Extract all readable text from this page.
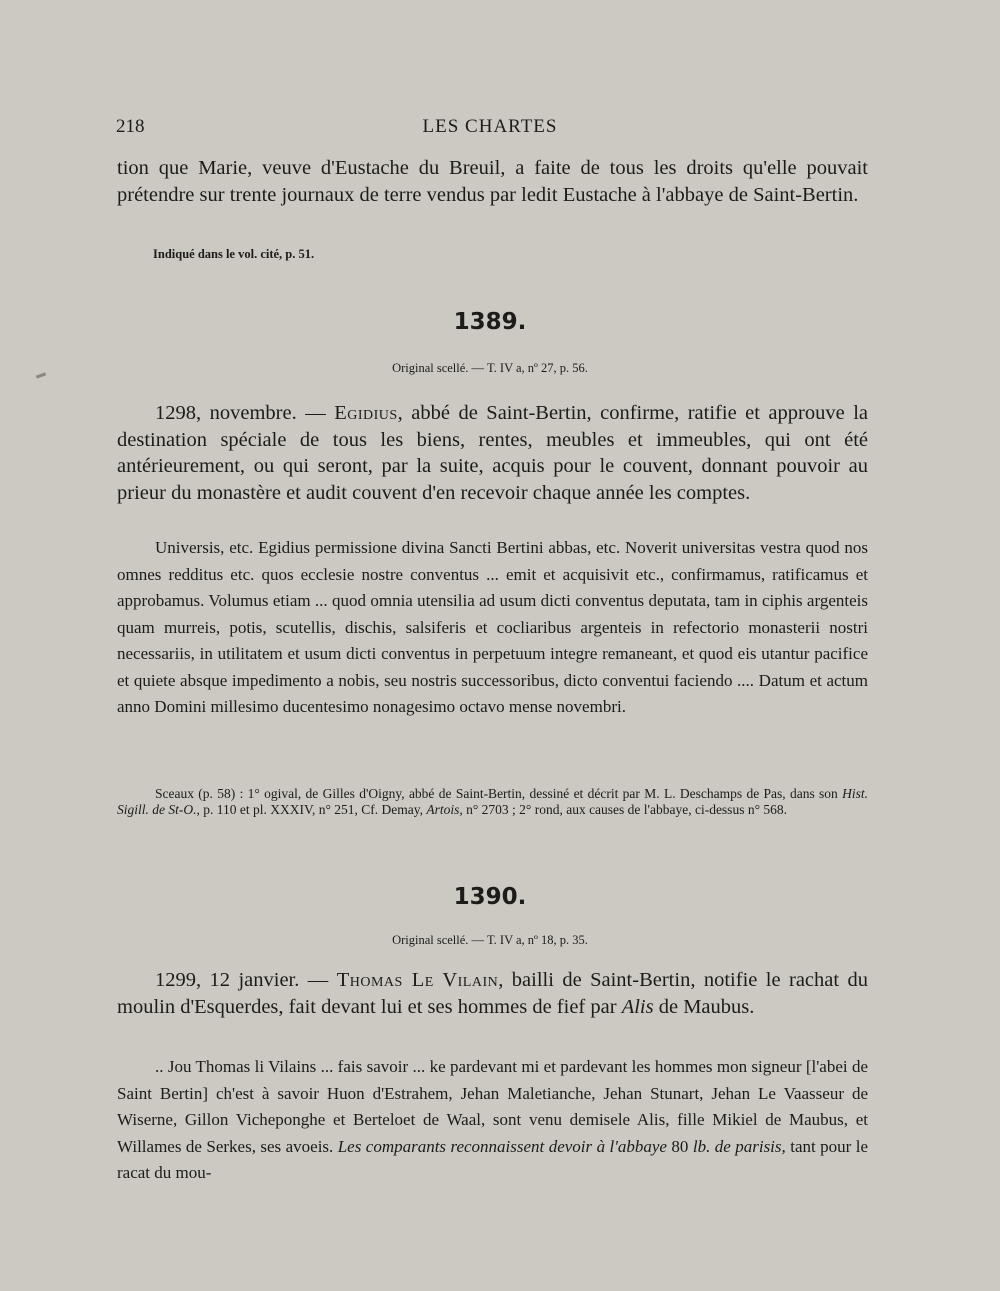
218	LES CHARTES
tion que Marie, veuve d'Eustache du Breuil, a faite de tous les droits qu'elle pouvait prétendre sur trente journaux de terre vendus par ledit Eustache à l'abbaye de Saint-Bertin.
Indiqué dans le vol. cité, p. 51.
1389.
Original scellé. — T. IV a, nº 27, p. 56.
1298, novembre. — Egidius, abbé de Saint-Bertin, confirme, ratifie et approuve la destination spéciale de tous les biens, rentes, meubles et immeubles, qui ont été antérieurement, ou qui seront, par la suite, acquis pour le couvent, donnant pouvoir au prieur du monastère et audit couvent d'en recevoir chaque année les comptes.
Universis, etc. Egidius permissione divina Sancti Bertini abbas, etc. Noverit universitas vestra quod nos omnes redditus etc. quos ecclesie nostre conventus ... emit et acquisivit etc., confirmamus, ratificamus et approbamus. Volumus etiam ... quod omnia utensilia ad usum dicti conventus deputata, tam in ciphis argenteis quam murreis, potis, scutellis, dischis, salsiferis et cocliaribus argenteis in refectorio monasterii nostri necessariis, in utilitatem et usum dicti conventus in perpetuum integre remaneant, et quod eis utantur pacifice et quiete absque impedimento a nobis, seu nostris successoribus, dicto conventui faciendo .... Datum et actum anno Domini millesimo ducentesimo nonagesimo octavo mense novembri.
Sceaux (p. 58) : 1° ogival, de Gilles d'Oigny, abbé de Saint-Bertin, dessiné et décrit par M. L. Deschamps de Pas, dans son Hist. Sigill. de St-O., p. 110 et pl. XXXIV, n° 251, Cf. Demay, Artois, n° 2703 ; 2° rond, aux causes de l'abbaye, ci-dessus n° 568.
1390.
Original scellé. — T. IV a, nº 18, p. 35.
1299, 12 janvier. — Thomas Le Vilain, bailli de Saint-Bertin, notifie le rachat du moulin d'Esquerdes, fait devant lui et ses hommes de fief par Alis de Maubus.
.. Jou Thomas li Vilains ... fais savoir ... ke pardevant mi et pardevant les hommes mon signeur [l'abei de Saint Bertin] ch'est à savoir Huon d'Estrahem, Jehan Maletianche, Jehan Stunart, Jehan Le Vaasseur de Wiserne, Gillon Vicheponghe et Berteloet de Waal, sont venu demisele Alis, fille Mikiel de Maubus, et Willames de Serkes, ses avoeis. Les comparants reconnaissent devoir à l'abbaye 80 lb. de parisis, tant pour le racat du mou-
